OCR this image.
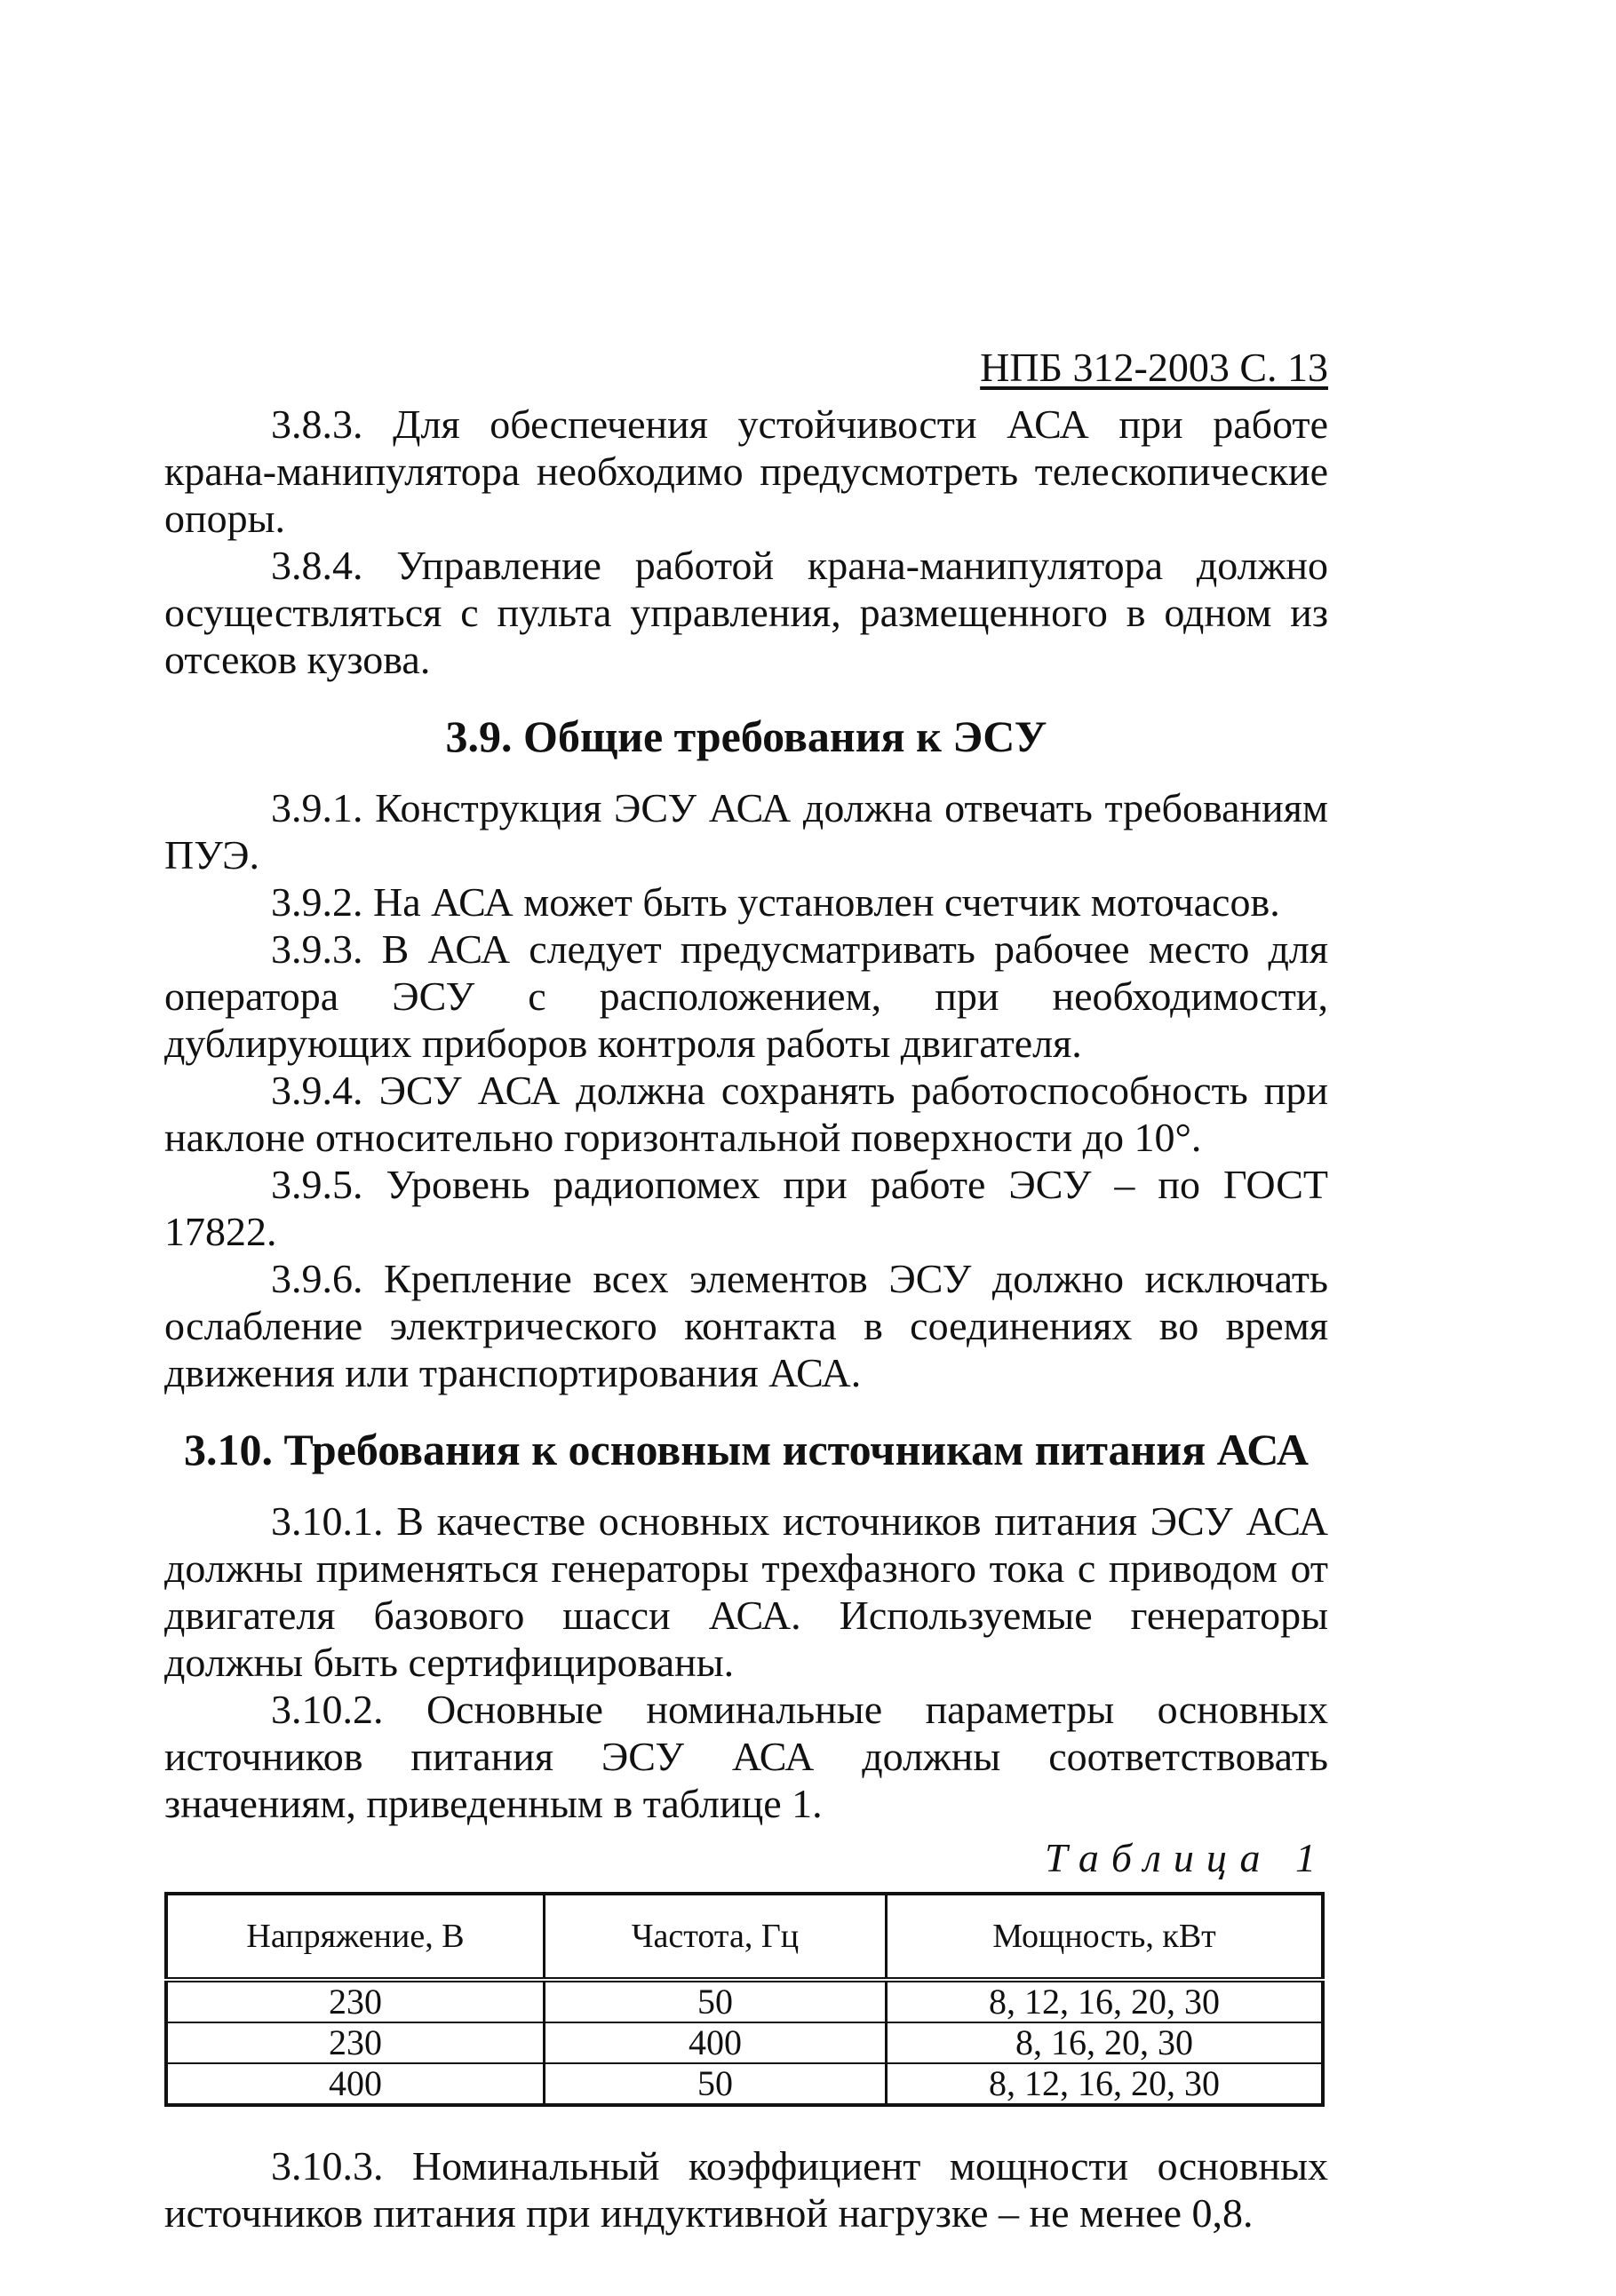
НПБ 312-2003 С. 13

3.8.3. Для обеспечения устойчивости АСА при работе крана-манипулятора необходимо предусмотреть телескопические опоры.

3.8.4. Управление работой крана-манипулятора должно осуществляться с пульта управления, размещенного в одном из отсеков кузова.

3.9. Общие требования к ЭСУ

3.9.1. Конструкция ЭСУ АСА должна отвечать требованиям ПУЭ.

3.9.2. На АСА может быть установлен счетчик моточасов.

3.9.3. В АСА следует предусматривать рабочее место для оператора ЭСУ с расположением, при необходимости, дублирующих приборов контроля работы двигателя.

3.9.4. ЭСУ АСА должна сохранять работоспособность при наклоне относительно горизонтальной поверхности до 10°.

3.9.5. Уровень радиопомех при работе ЭСУ – по ГОСТ 17822.

3.9.6. Крепление всех элементов ЭСУ должно исключать ослабление электрического контакта в соединениях во время движения или транспортирования АСА.

3.10. Требования к основным источникам питания АСА

3.10.1. В качестве основных источников питания ЭСУ АСА должны применяться генераторы трехфазного тока с приводом от двигателя базового шасси АСА. Используемые генераторы должны быть сертифицированы.

3.10.2. Основные номинальные параметры основных источников питания ЭСУ АСА должны соответствовать значениям, приведенным в таблице 1.

Таблица 1
Напряжение, В	Частота, Гц	Мощность, кВт
230	50	8, 12, 16, 20, 30
230	400	8, 16, 20, 30
400	50	8, 12, 16, 20, 30

3.10.3. Номинальный коэффициент мощности основных источников питания при индуктивной нагрузке – не менее 0,8.
